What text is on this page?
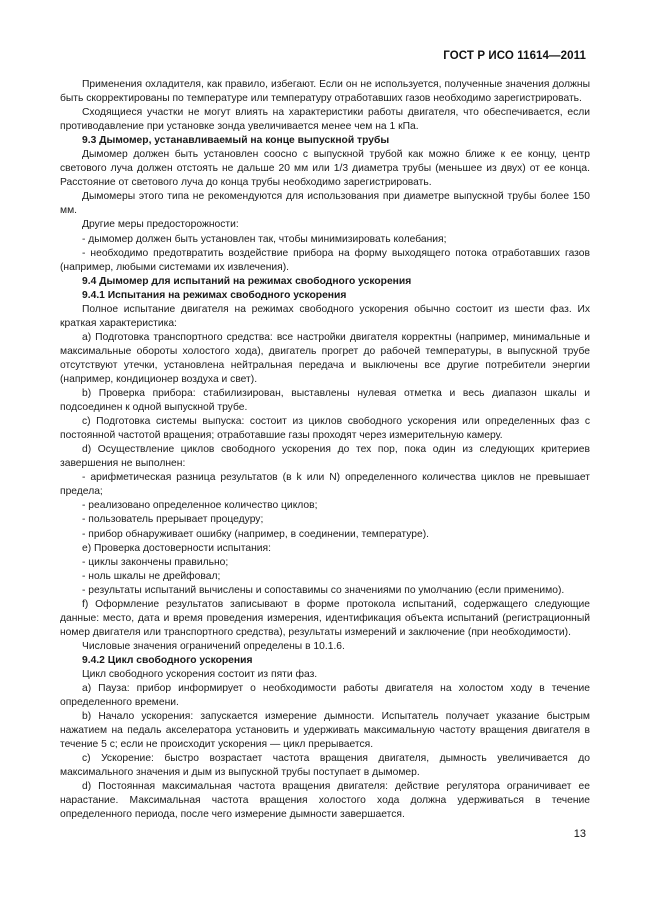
ГОСТ Р ИСО 11614—2011

Применения охладителя, как правило, избегают. Если он не используется, полученные значения должны быть скорректированы по температуре или температуру отработавших газов необходимо зарегистрировать.

Сходящиеся участки не могут влиять на характеристики работы двигателя, что обеспечивается, если противодавление при установке зонда увеличивается менее чем на 1 кПа.

9.3 Дымомер, устанавливаемый на конце выпускной трубы

Дымомер должен быть установлен соосно с выпускной трубой как можно ближе к ее концу, центр светового луча должен отстоять не дальше 20 мм или 1/3 диаметра трубы (меньшее из двух) от ее конца. Расстояние от светового луча до конца трубы необходимо зарегистрировать.

Дымомеры этого типа не рекомендуются для использования при диаметре выпускной трубы более 150 мм.

Другие меры предосторожности:

- дымомер должен быть установлен так, чтобы минимизировать колебания;

- необходимо предотвратить воздействие прибора на форму выходящего потока отработавших газов (например, любыми системами их извлечения).

9.4 Дымомер для испытаний на режимах свободного ускорения

9.4.1 Испытания на режимах свободного ускорения

Полное испытание двигателя на режимах свободного ускорения обычно состоит из шести фаз. Их краткая характеристика:

а) Подготовка транспортного средства: все настройки двигателя корректны (например, минимальные и максимальные обороты холостого хода), двигатель прогрет до рабочей температуры, в выпускной трубе отсутствуют утечки, установлена нейтральная передача и выключены все другие потребители энергии (например, кондиционер воздуха и свет).

b) Проверка прибора: стабилизирован, выставлены нулевая отметка и весь диапазон шкалы и подсоединен к одной выпускной трубе.

c) Подготовка системы выпуска: состоит из циклов свободного ускорения или определенных фаз с постоянной частотой вращения; отработавшие газы проходят через измерительную камеру.

d) Осуществление циклов свободного ускорения до тех пор, пока один из следующих критериев завершения не выполнен:

- арифметическая разница результатов (в k или N) определенного количества циклов не превышает предела;

- реализовано определенное количество циклов;

- пользователь прерывает процедуру;

- прибор обнаруживает ошибку (например, в соединении, температуре).

e) Проверка достоверности испытания:

- циклы закончены правильно;

- ноль шкалы не дрейфовал;

- результаты испытаний вычислены и сопоставимы со значениями по умолчанию (если применимо).

f) Оформление результатов записывают в форме протокола испытаний, содержащего следующие данные: место, дата и время проведения измерения, идентификация объекта испытаний (регистрационный номер двигателя или транспортного средства), результаты измерений и заключение (при необходимости).

Числовые значения ограничений определены в 10.1.6.

9.4.2 Цикл свободного ускорения

Цикл свободного ускорения состоит из пяти фаз.

а) Пауза: прибор информирует о необходимости работы двигателя на холостом ходу в течение определенного времени.

b) Начало ускорения: запускается измерение дымности. Испытатель получает указание быстрым нажатием на педаль акселератора установить и удерживать максимальную частоту вращения двигателя в течение 5 с; если не происходит ускорения — цикл прерывается.

c) Ускорение: быстро возрастает частота вращения двигателя, дымность увеличивается до максимального значения и дым из выпускной трубы поступает в дымомер.

d) Постоянная максимальная частота вращения двигателя: действие регулятора ограничивает ее нарастание. Максимальная частота вращения холостого хода должна удерживаться в течение определенного периода, после чего измерение дымности завершается.

13
